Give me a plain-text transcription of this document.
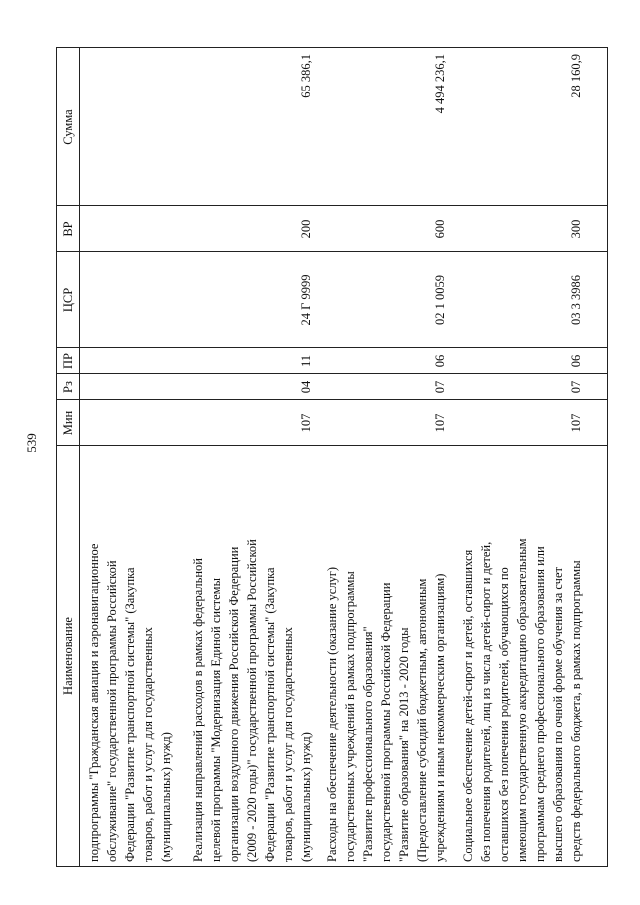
539
Наименование
Мин
Рз
ПР
ЦСР
ВР
Сумма
подпрограммы "Гражданская авиация и аэронавигационное обслуживание" государственной программы Российской Федерации "Развитие транспортной системы" (Закупка товаров, работ и услуг для государственных (муниципальных) нужд) Реализация направлений расходов в рамках федеральной целевой программы "Модернизация Единой системы организации воздушного движения Российской Федерации (2009 - 2020 годы)" государственной программы Российской Федерации "Развитие транспортной системы" (Закупка товаров, работ и услуг для государственных (муниципальных) нужд)
107
04
11
24 Г 9999
200
65 386,1
Расходы на обеспечение деятельности (оказание услуг) государственных учреждений в рамках подпрограммы "Развитие профессионального образования" государственной программы Российской Федерации "Развитие образования" на 2013 - 2020 годы (Предоставление субсидий бюджетным, автономным учреждениям и иным некоммерческим организациям)
107
07
06
02 1 0059
600
4 494 236,1
Социальное обеспечение детей-сирот и детей, оставшихся без попечения родителей, лиц из числа детей-сирот и детей, оставшихся без попечения родителей, обучающихся по имеющим государственную аккредитацию образовательным программам среднего профессионального образования или высшего образования по очной форме обучения за счет средств федерального бюджета, в рамках подпрограммы
107
07
06
03 3 3986
300
28 160,9
